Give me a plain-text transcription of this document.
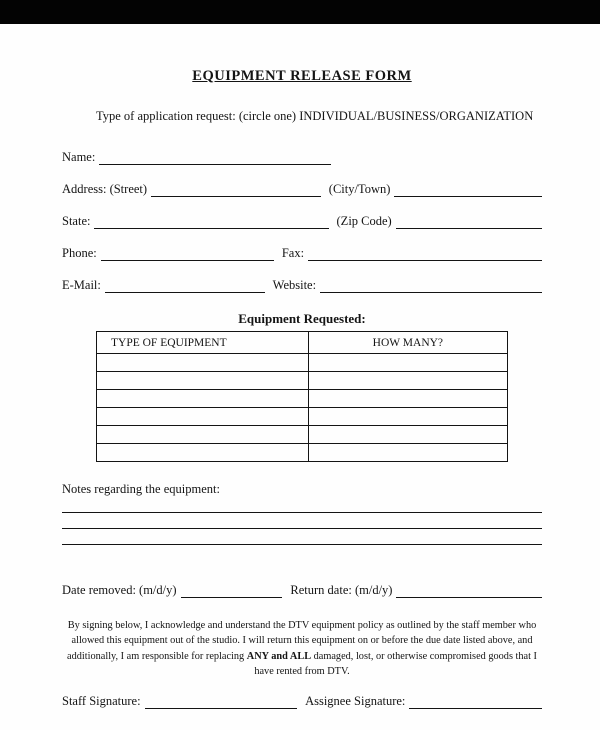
EQUIPMENT RELEASE FORM
Type of application request: (circle one) INDIVIDUAL/BUSINESS/ORGANIZATION
Name:
Address: (Street)	(City/Town)
State:	(Zip Code)
Phone:	Fax:
E-Mail:	Website:
Equipment Requested:
TYPE OF EQUIPMENT	HOW MANY?

Notes regarding the equipment:
Date removed: (m/d/y)	Return date: (m/d/y)
By signing below, I acknowledge and understand the DTV equipment policy as outlined by the staff member who allowed this equipment out of the studio. I will return this equipment on or before the due date listed above, and additionally, I am responsible for replacing ANY and ALL damaged, lost, or otherwise compromised goods that I have rented from DTV.
Staff Signature:	Assignee Signature:
